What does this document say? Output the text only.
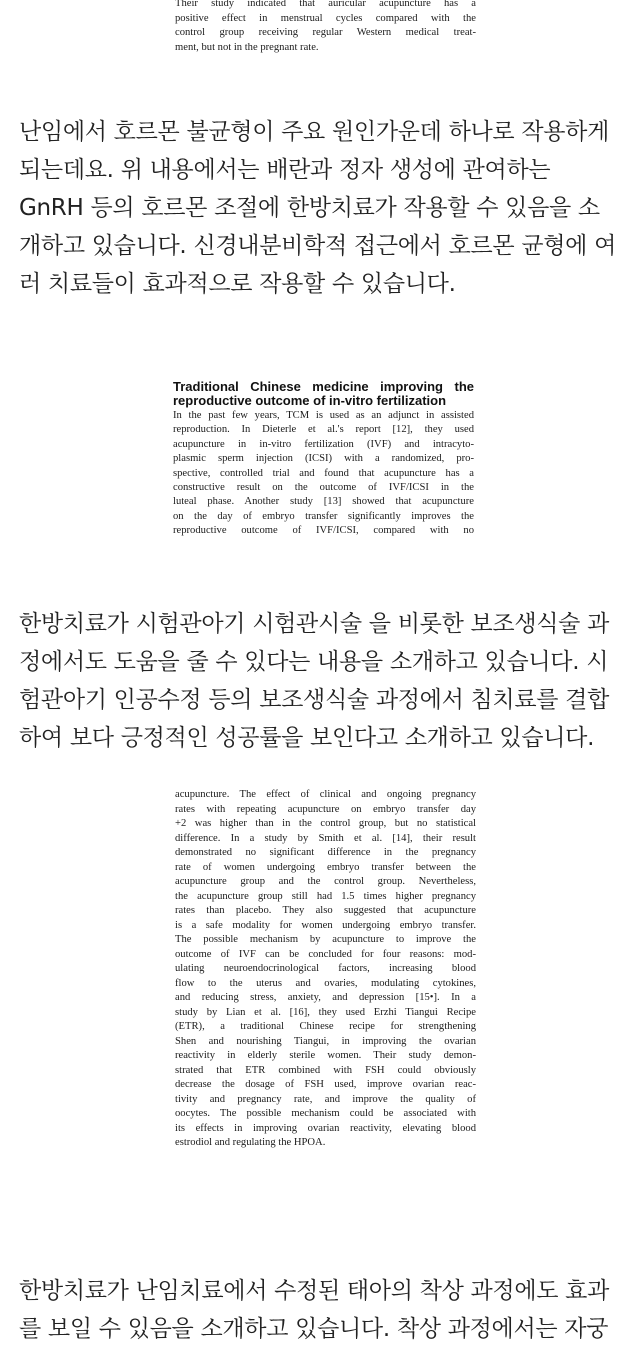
Their study indicated that auricular acupuncture has a
positive effect in menstrual cycles compared with the
control group receiving regular Western medical treat-
ment, but not in the pregnant rate.
난임에서 호르몬 불균형이 주요 원인가운데 하나로 작용하게
되는데요. 위 내용에서는 배란과 정자 생성에 관여하는
GnRH 등의 호르몬 조절에 한방치료가 작용할 수 있음을 소
개하고 있습니다. 신경내분비학적 접근에서 호르몬 균형에 여
러 치료들이 효과적으로 작용할 수 있습니다.
Traditional Chinese medicine improving the
reproductive outcome of in-vitro fertilization
In the past few years, TCM is used as an adjunct in assisted
reproduction. In Dieterle et al.'s report [12], they used
acupuncture in in-vitro fertilization (IVF) and intracyto-
plasmic sperm injection (ICSI) with a randomized, pro-
spective, controlled trial and found that acupuncture has a
constructive result on the outcome of IVF/ICSI in the
luteal phase. Another study [13] showed that acupuncture
on the day of embryo transfer significantly improves the
reproductive outcome of IVF/ICSI, compared with no
한방치료가 시험관아기 시험관시술 을 비롯한 보조생식술 과
정에서도 도움을 줄 수 있다는 내용을 소개하고 있습니다. 시
험관아기 인공수정 등의 보조생식술 과정에서 침치료를 결합
하여 보다 긍정적인 성공률을 보인다고 소개하고 있습니다.
acupuncture. The effect of clinical and ongoing pregnancy
rates with repeating acupuncture on embryo transfer day
+2 was higher than in the control group, but no statistical
difference. In a study by Smith et al. [14], their result
demonstrated no significant difference in the pregnancy
rate of women undergoing embryo transfer between the
acupuncture group and the control group. Nevertheless,
the acupuncture group still had 1.5 times higher pregnancy
rates than placebo. They also suggested that acupuncture
is a safe modality for women undergoing embryo transfer.
The possible mechanism by acupuncture to improve the
outcome of IVF can be concluded for four reasons: mod-
ulating neuroendocrinological factors, increasing blood
flow to the uterus and ovaries, modulating cytokines,
and reducing stress, anxiety, and depression [15•]. In a
study by Lian et al. [16], they used Erzhi Tiangui Recipe
(ETR), a traditional Chinese recipe for strengthening
Shen and nourishing Tiangui, in improving the ovarian
reactivity in elderly sterile women. Their study demon-
strated that ETR combined with FSH could obviously
decrease the dosage of FSH used, improve ovarian reac-
tivity and pregnancy rate, and improve the quality of
oocytes. The possible mechanism could be associated with
its effects in improving ovarian reactivity, elevating blood
estrodiol and regulating the HPOA.
한방치료가 난임치료에서 수정된 태아의 착상 과정에도 효과
를 보일 수 있음을 소개하고 있습니다. 착상 과정에서는 자궁
